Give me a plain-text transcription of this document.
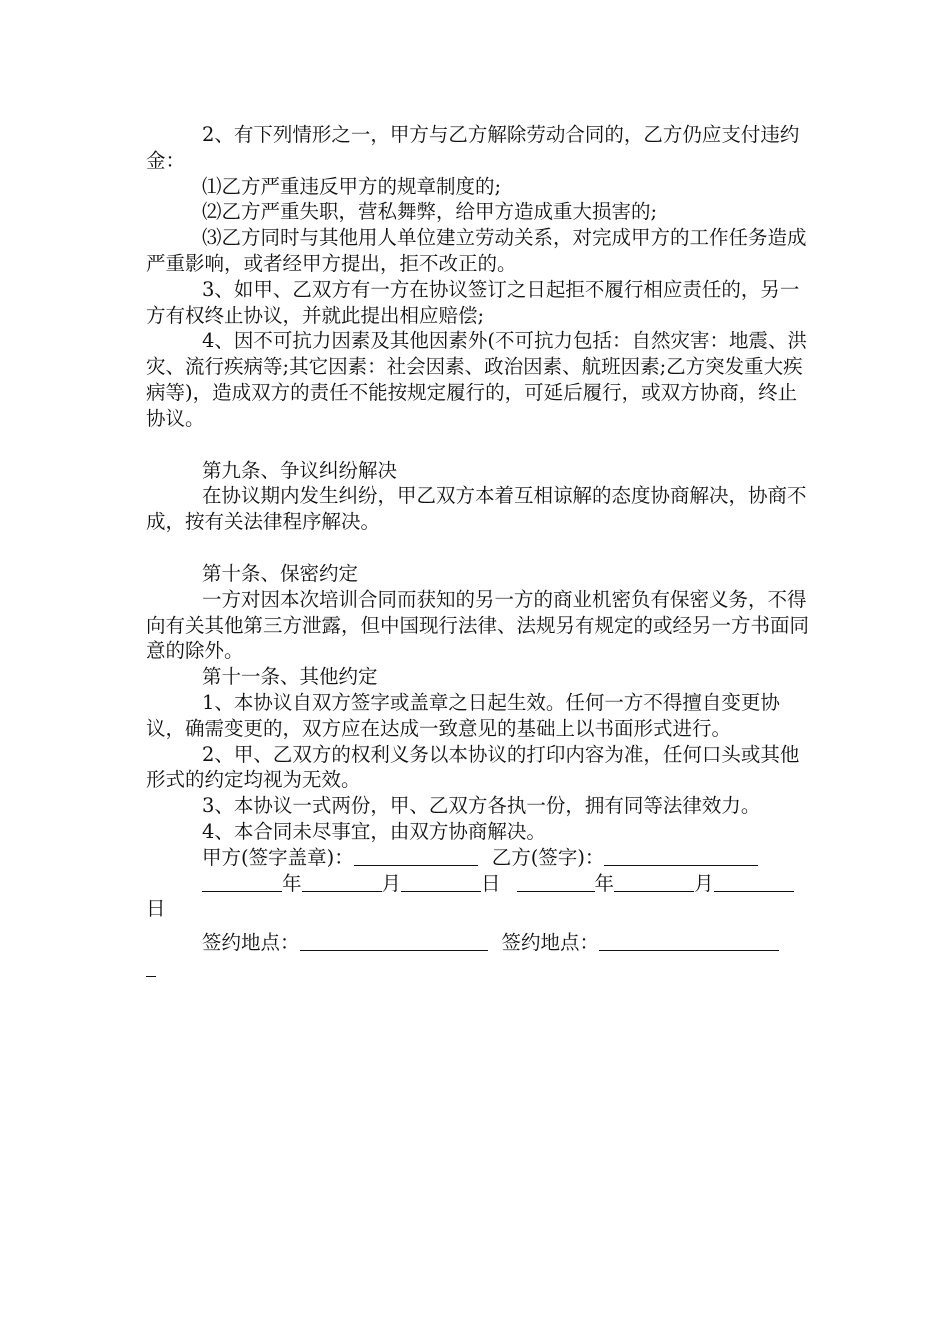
2、有下列情形之一，甲方与乙方解除劳动合同的，乙方仍应支付违约金：

⑴乙方严重违反甲方的规章制度的;

⑵乙方严重失职，营私舞弊，给甲方造成重大损害的;

⑶乙方同时与其他用人单位建立劳动关系，对完成甲方的工作任务造成严重影响，或者经甲方提出，拒不改正的。

3、如甲、乙双方有一方在协议签订之日起拒不履行相应责任的，另一方有权终止协议，并就此提出相应赔偿;

4、因不可抗力因素及其他因素外(不可抗力包括：自然灾害：地震、洪灾、流行疾病等;其它因素：社会因素、政治因素、航班因素;乙方突发重大疾病等)，造成双方的责任不能按规定履行的，可延后履行，或双方协商，终止协议。

第九条、争议纠纷解决

在协议期内发生纠纷，甲乙双方本着互相谅解的态度协商解决，协商不成，按有关法律程序解决。

第十条、保密约定

一方对因本次培训合同而获知的另一方的商业机密负有保密义务，不得向有关其他第三方泄露，但中国现行法律、法规另有规定的或经另一方书面同意的除外。

第十一条、其他约定

1、本协议自双方签字或盖章之日起生效。任何一方不得擅自变更协议，确需变更的，双方应在达成一致意见的基础上以书面形式进行。

2、甲、乙双方的权利义务以本协议的打印内容为准，任何口头或其他形式的约定均视为无效。

3、本协议一式两份，甲、乙双方各执一份，拥有同等法律效力。

4、本合同未尽事宜，由双方协商解决。

甲方(签字盖章)：	乙方(签字)：

年	月	日	年	月

日

签约地点：	签约地点：
